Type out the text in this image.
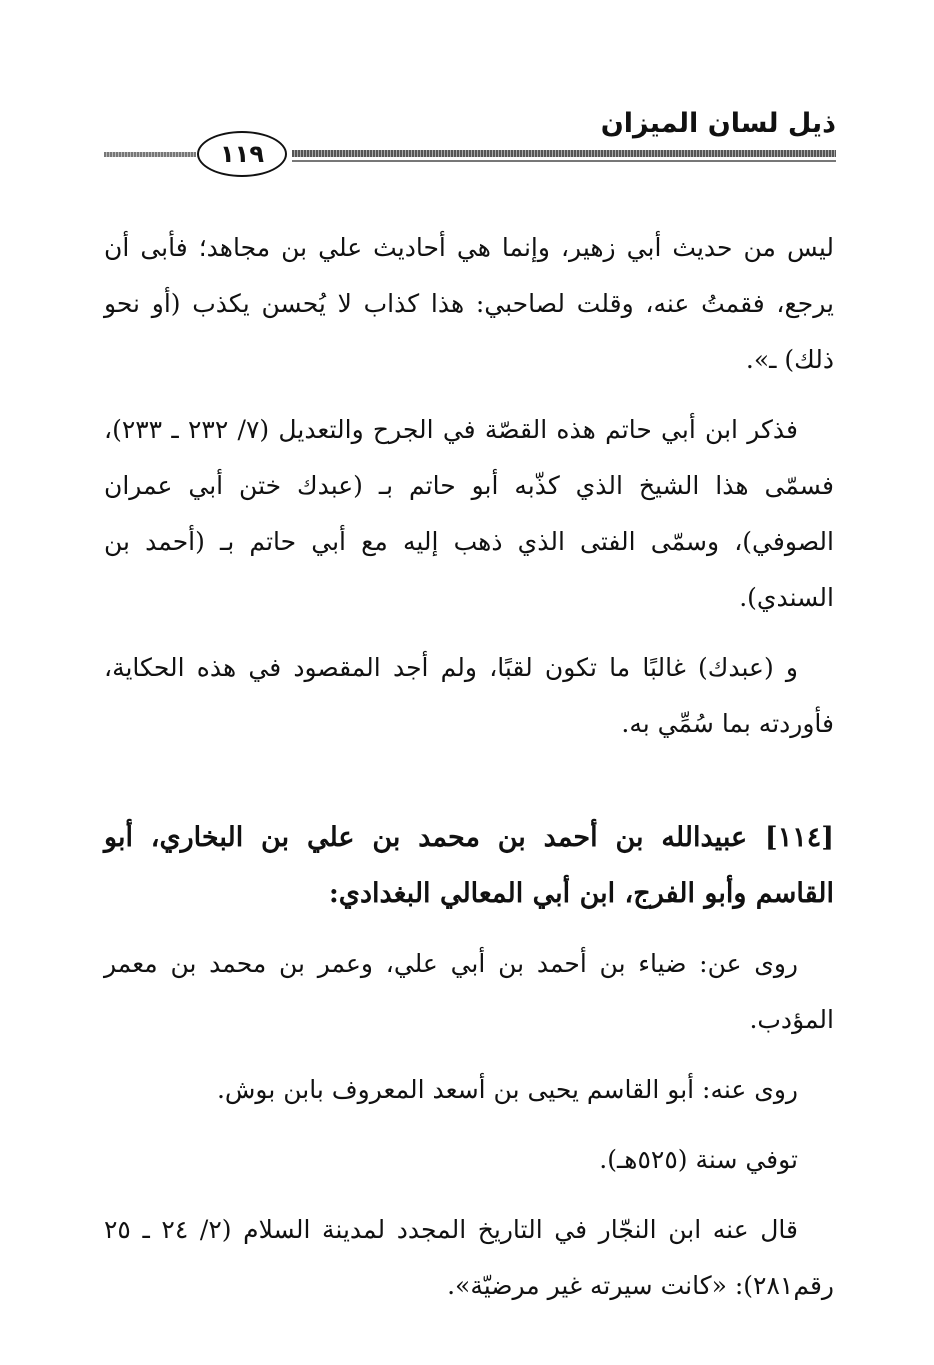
ذيل لسان الميزان
١١٩

ليس من حديث أبي زهير، وإنما هي أحاديث علي بن مجاهد؛ فأبى أن يرجع، فقمتُ عنه، وقلت لصاحبي: هذا كذاب لا يُحسن يكذب (أو نحو ذلك) ـ».

فذكر ابن أبي حاتم هذه القصّة في الجرح والتعديل (٧/ ٢٣٢ ـ ٢٣٣)، فسمّى هذا الشيخ الذي كذّبه أبو حاتم بـ (عبدك ختن أبي عمران الصوفي)، وسمّى الفتى الذي ذهب إليه مع أبي حاتم بـ (أحمد بن السندي).

و (عبدك) غالبًا ما تكون لقبًا، ولم أجد المقصود في هذه الحكاية، فأوردته بما سُمِّي به.

[١١٤] عبيدالله بن أحمد بن محمد بن علي بن البخاري، أبو القاسم وأبو الفرج، ابن أبي المعالي البغدادي:

روى عن: ضياء بن أحمد بن أبي علي، وعمر بن محمد بن معمر المؤدب.

روى عنه: أبو القاسم يحيى بن أسعد المعروف بابن بوش.

توفي سنة (٥٢٥هـ).

قال عنه ابن النجّار في التاريخ المجدد لمدينة السلام (٢/ ٢٤ ـ ٢٥ رقم٢٨١): «كانت سيرته غير مرضيّة».
